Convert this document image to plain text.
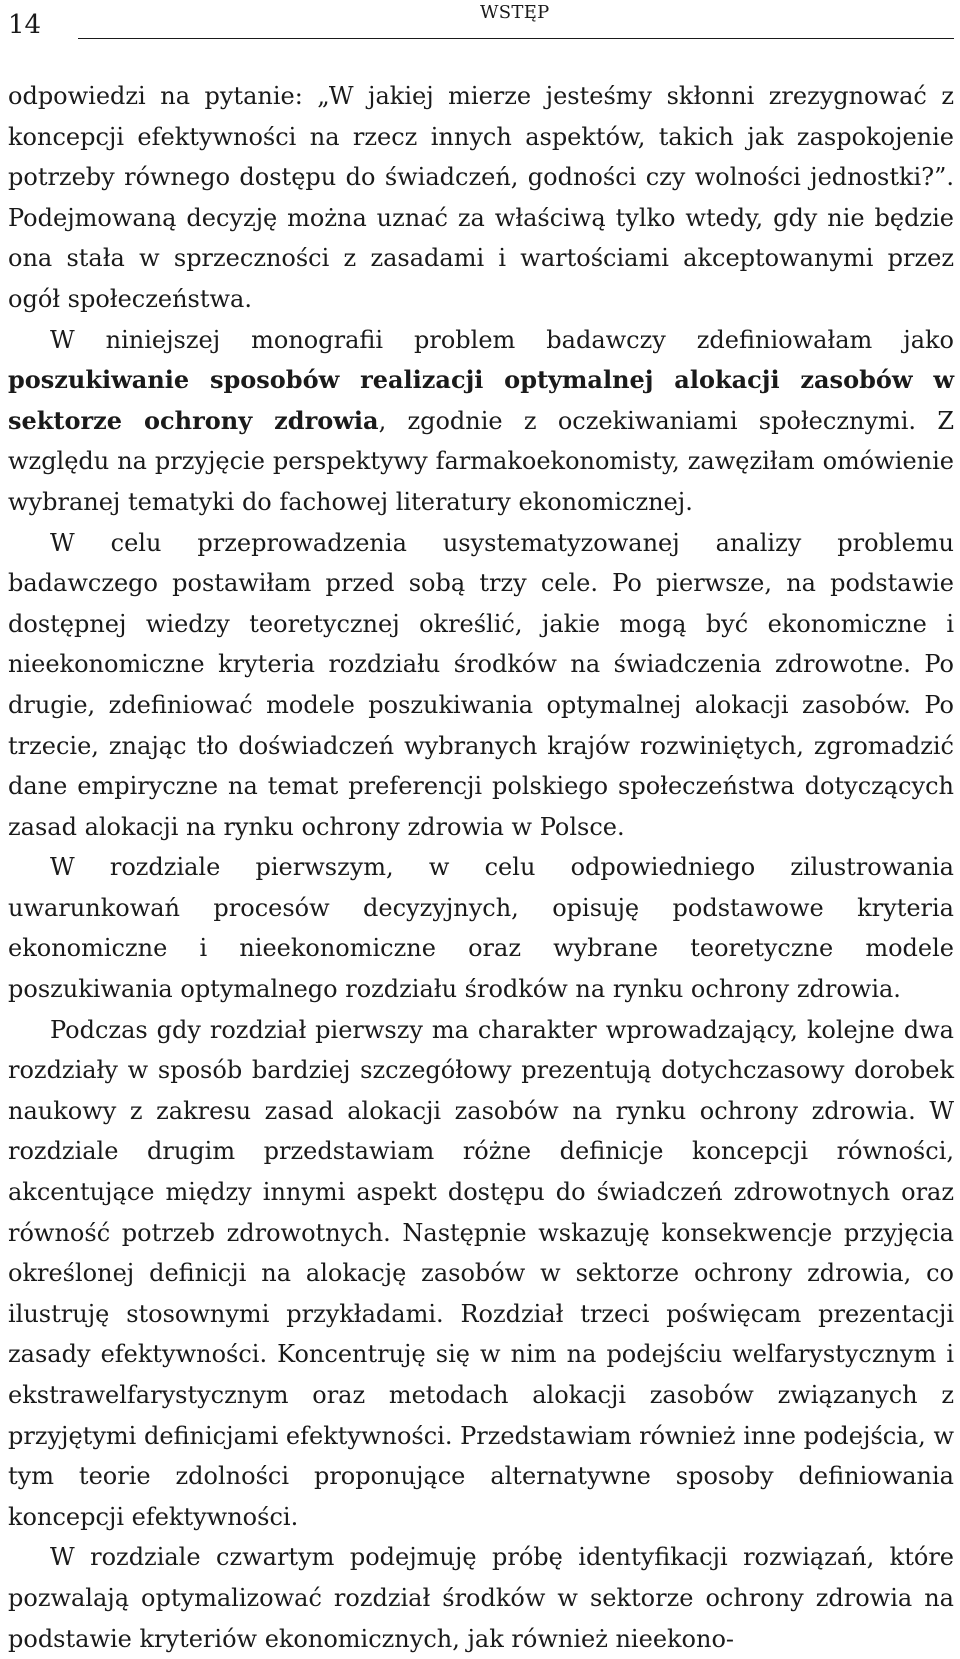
14	WSTĘP

odpowiedzi na pytanie: „W jakiej mierze jesteśmy skłonni zrezygnować z koncepcji efektywności na rzecz innych aspektów, takich jak zaspokojenie potrzeby równego dostępu do świadczeń, godności czy wolności jednostki?”. Podejmowaną decyzję można uznać za właściwą tylko wtedy, gdy nie będzie ona stała w sprzeczności z zasadami i wartościami akceptowanymi przez ogół społeczeństwa.

W niniejszej monografii problem badawczy zdefiniowałam jako poszukiwanie sposobów realizacji optymalnej alokacji zasobów w sektorze ochrony zdrowia, zgodnie z oczekiwaniami społecznymi. Z względu na przyjęcie perspektywy farmakoekonomisty, zawęziłam omówienie wybranej tematyki do fachowej literatury ekonomicznej.

W celu przeprowadzenia usystematyzowanej analizy problemu badawczego postawiłam przed sobą trzy cele. Po pierwsze, na podstawie dostępnej wiedzy teoretycznej określić, jakie mogą być ekonomiczne i nieekonomiczne kryteria rozdziału środków na świadczenia zdrowotne. Po drugie, zdefiniować modele poszukiwania optymalnej alokacji zasobów. Po trzecie, znając tło doświadczeń wybranych krajów rozwiniętych, zgromadzić dane empiryczne na temat preferencji polskiego społeczeństwa dotyczących zasad alokacji na rynku ochrony zdrowia w Polsce.

W rozdziale pierwszym, w celu odpowiedniego zilustrowania uwarunkowań procesów decyzyjnych, opisuję podstawowe kryteria ekonomiczne i nieekonomiczne oraz wybrane teoretyczne modele poszukiwania optymalnego rozdziału środków na rynku ochrony zdrowia.

Podczas gdy rozdział pierwszy ma charakter wprowadzający, kolejne dwa rozdziały w sposób bardziej szczegółowy prezentują dotychczasowy dorobek naukowy z zakresu zasad alokacji zasobów na rynku ochrony zdrowia. W rozdziale drugim przedstawiam różne definicje koncepcji równości, akcentujące między innymi aspekt dostępu do świadczeń zdrowotnych oraz równość potrzeb zdrowotnych. Następnie wskazuję konsekwencje przyjęcia określonej definicji na alokację zasobów w sektorze ochrony zdrowia, co ilustruję stosownymi przykładami. Rozdział trzeci poświęcam prezentacji zasady efektywności. Koncentruję się w nim na podejściu welfarystycznym i ekstrawelfarystycznym oraz metodach alokacji zasobów związanych z przyjętymi definicjami efektywności. Przedstawiam również inne podejścia, w tym teorie zdolności proponujące alternatywne sposoby definiowania koncepcji efektywności.

W rozdziale czwartym podejmuję próbę identyfikacji rozwiązań, które pozwalają optymalizować rozdział środków w sektorze ochrony zdrowia na podstawie kryteriów ekonomicznych, jak również nieekono-
